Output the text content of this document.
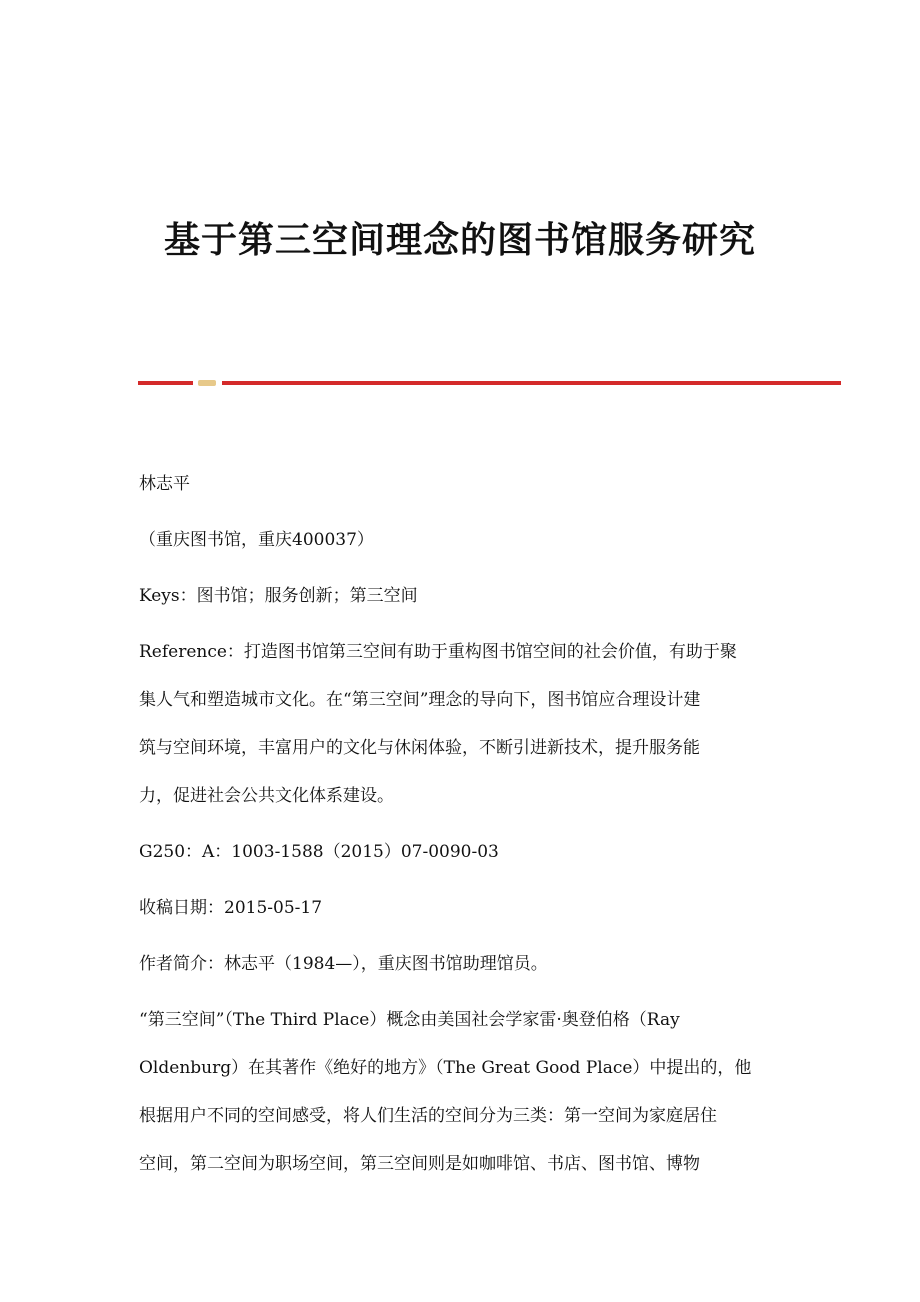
基于第三空间理念的图书馆服务研究

林志平

（重庆图书馆，重庆400037）

Keys：图书馆；服务创新；第三空间

Reference：打造图书馆第三空间有助于重构图书馆空间的社会价值，有助于聚

集人气和塑造城市文化。在“第三空间”理念的导向下，图书馆应合理设计建

筑与空间环境，丰富用户的文化与休闲体验，不断引进新技术，提升服务能

力，促进社会公共文化体系建设。

G250：A：1003-1588（2015）07-0090-03

收稿日期：2015-05-17

作者简介：林志平（1984—），重庆图书馆助理馆员。

“第三空间”（The Third Place）概念由美国社会学家雷·奥登伯格（Ray

Oldenburg）在其著作《绝好的地方》（The Great Good Place）中提出的，他

根据用户不同的空间感受，将人们生活的空间分为三类：第一空间为家庭居住

空间，第二空间为职场空间，第三空间则是如咖啡馆、书店、图书馆、博物
